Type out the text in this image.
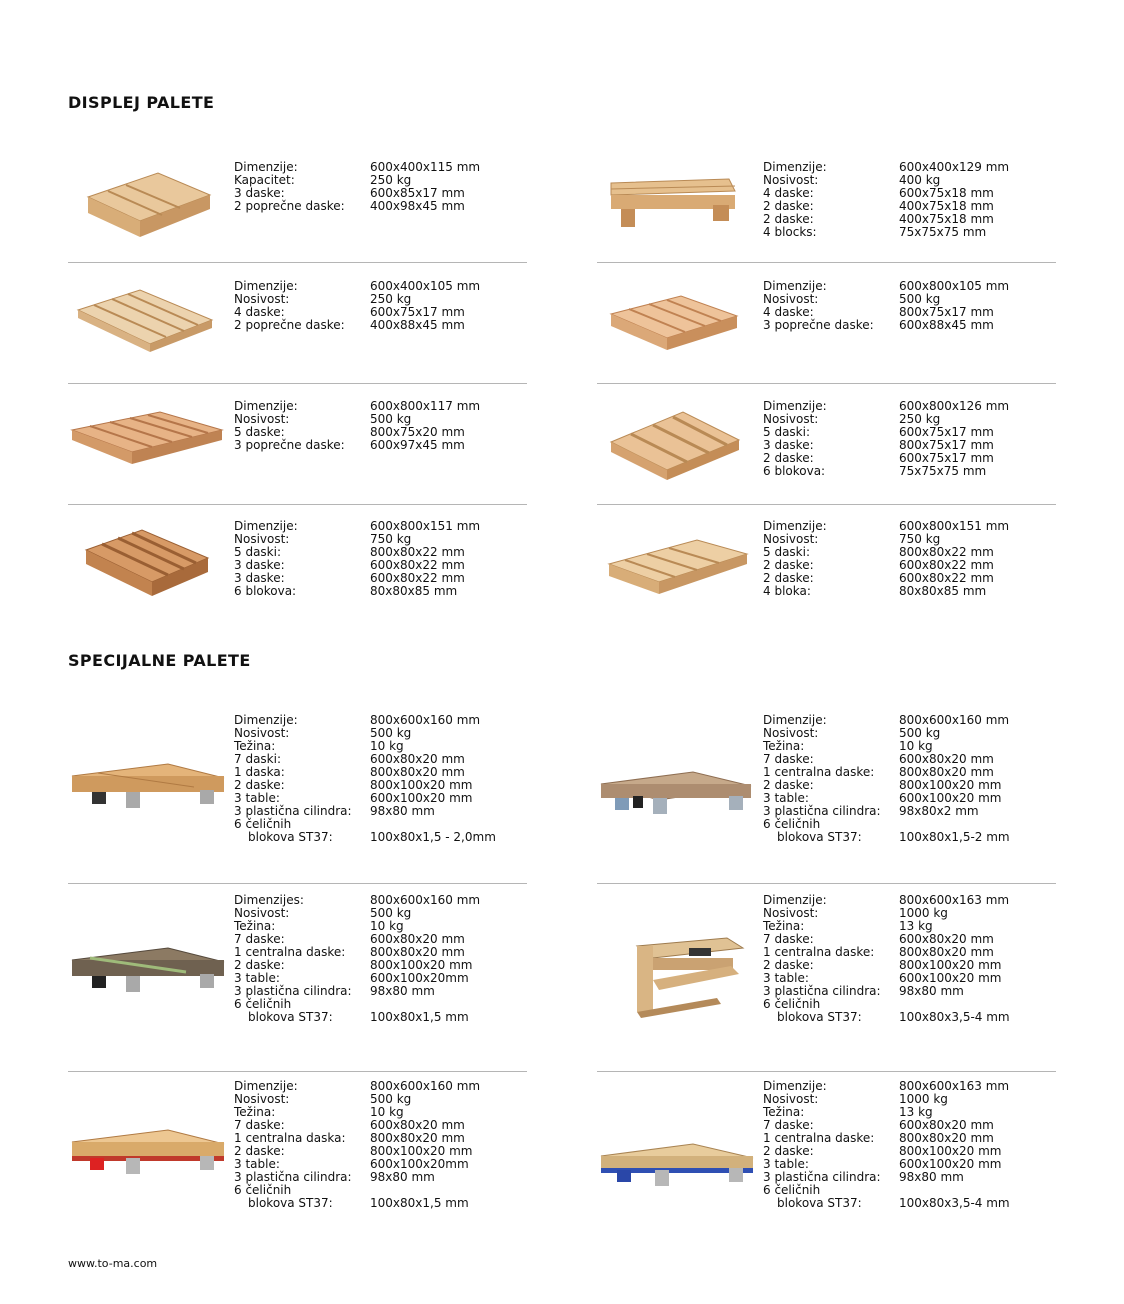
DISPLEJ PALETE
SPECIJALNE PALETE
Dimenzije:	600x400x115 mm
Kapacitet:	250 kg
3 daske:	600x85x17 mm
2 poprečne daske:	400x98x45 mm
Dimenzije:	600x400x129 mm
Nosivost:	400 kg
4 daske:	600x75x18 mm
2 daske:	400x75x18 mm
2 daske:	400x75x18 mm
4 blocks:	75x75x75 mm
Dimenzije:	600x400x105 mm
Nosivost:	250 kg
4 daske:	600x75x17 mm
2 poprečne daske:	400x88x45 mm
Dimenzije:	600x800x105 mm
Nosivost:	500 kg
4 daske:	800x75x17 mm
3 poprečne daske:	600x88x45 mm
Dimenzije:	600x800x117 mm
Nosivost:	500 kg
5 daske:	800x75x20 mm
3 poprečne daske:	600x97x45 mm
Dimenzije:	600x800x126 mm
Nosivost:	250 kg
5 daski:	600x75x17 mm
3 daske:	800x75x17 mm
2 daske:	600x75x17 mm
6 blokova:	75x75x75 mm
Dimenzije:	600x800x151 mm
Nosivost:	750 kg
5 daski:	800x80x22 mm
3 daske:	600x80x22 mm
3 daske:	600x80x22 mm
6 blokova:	80x80x85 mm
Dimenzije:	600x800x151 mm
Nosivost:	750 kg
5 daski:	800x80x22 mm
2 daske:	600x80x22 mm
2 daske:	600x80x22 mm
4 bloka:	80x80x85 mm
Dimenzije:	800x600x160 mm
Nosivost:	500 kg
Težina:	10 kg
7 daski:	600x80x20 mm
1 daska:	800x80x20 mm
2 daske:	800x100x20 mm
3 table:	600x100x20 mm
3 plastična cilindra:	98x80 mm
6 čeličnih	
blokova ST37:	100x80x1,5 - 2,0mm
Dimenzije:	800x600x160 mm
Nosivost:	500 kg
Težina:	10 kg
7 daske:	600x80x20 mm
1 centralna daske:	800x80x20 mm
2 daske:	800x100x20 mm
3 table:	600x100x20 mm
3 plastična cilindra:	98x80x2 mm
6 čeličnih	
blokova ST37:	100x80x1,5-2 mm
Dimenzijes:	800x600x160 mm
Nosivost:	500 kg
Težina:	10 kg
7 daske:	600x80x20 mm
1 centralna daske:	800x80x20 mm
2 daske:	800x100x20 mm
3 table:	600x100x20mm
3 plastična cilindra:	98x80 mm
6 čeličnih	
blokova ST37:	100x80x1,5 mm
Dimenzije:	800x600x163 mm
Nosivost:	1000 kg
Težina:	13 kg
7 daske:	600x80x20 mm
1 centralna daske:	800x80x20 mm
2 daske:	800x100x20 mm
3 table:	600x100x20 mm
3 plastična cilindra:	98x80 mm
6 čeličnih	
blokova ST37:	100x80x3,5-4 mm
Dimenzije:	800x600x160 mm
Nosivost:	500 kg
Težina:	10 kg
7 daske:	600x80x20 mm
1 centralna daska:	800x80x20 mm
2 daske:	800x100x20 mm
3 table:	600x100x20mm
3 plastična cilindra:	98x80 mm
6 čeličnih	
blokova ST37:	100x80x1,5 mm
Dimenzije:	800x600x163 mm
Nosivost:	1000 kg
Težina:	13 kg
7 daske:	600x80x20 mm
1 centralna daske:	800x80x20 mm
2 daske:	800x100x20 mm
3 table:	600x100x20 mm
3 plastična cilindra:	98x80 mm
6 čeličnih	
blokova ST37:	100x80x3,5-4 mm
www.to-ma.com
